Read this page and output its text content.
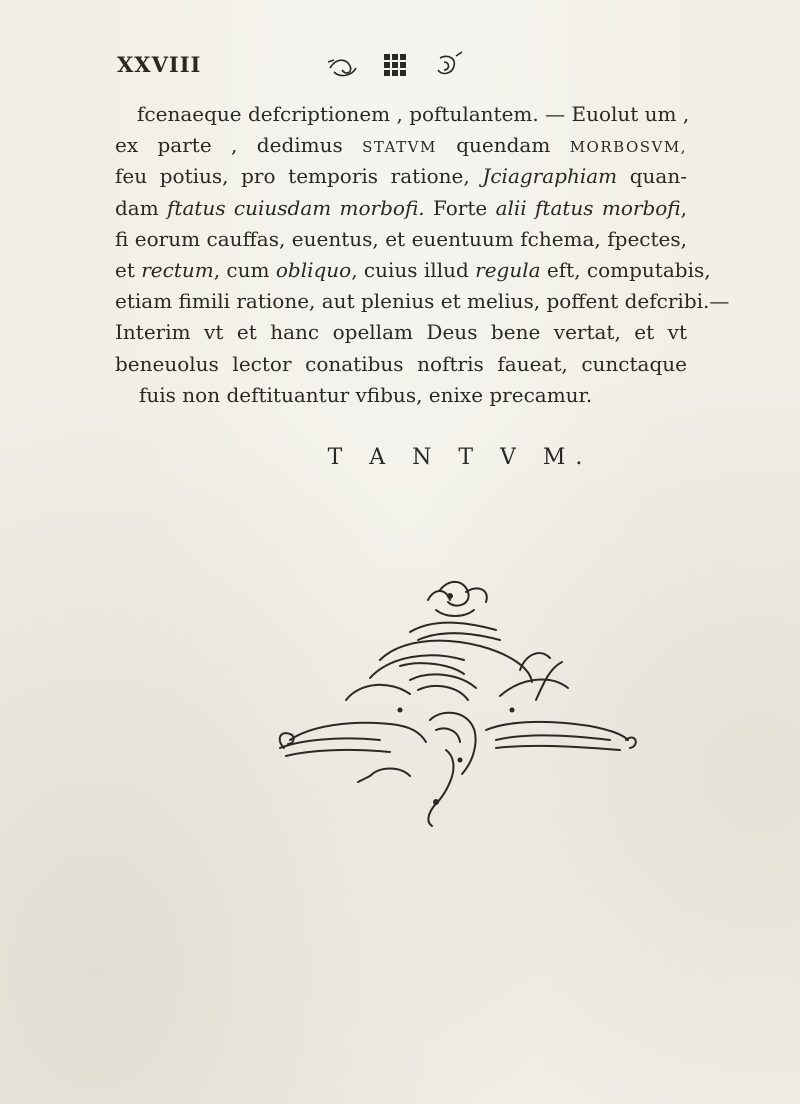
XXVIII
fcenaeque defcriptionem , poftulantem. — Euolut um ,
ex parte , dedimus STATVM quendam MORBOSVM,
feu potius, pro temporis ratione, Jciagraphiam quan-
dam ftatus cuiusdam morbofi. Forte alii ftatus morbofi,
fi eorum cauffas, euentus, et euentuum fchema, fpectes,
et rectum, cum obliquo, cuius illud regula eft, computabis,
etiam fimili ratione, aut plenius et melius, poffent defcribi.—
Interim vt et hanc opellam Deus bene vertat, et vt
beneuolus lector conatibus noftris faueat, cunctaque
fuis non deftituantur vfibus, enixe precamur.
T A N T V M.
